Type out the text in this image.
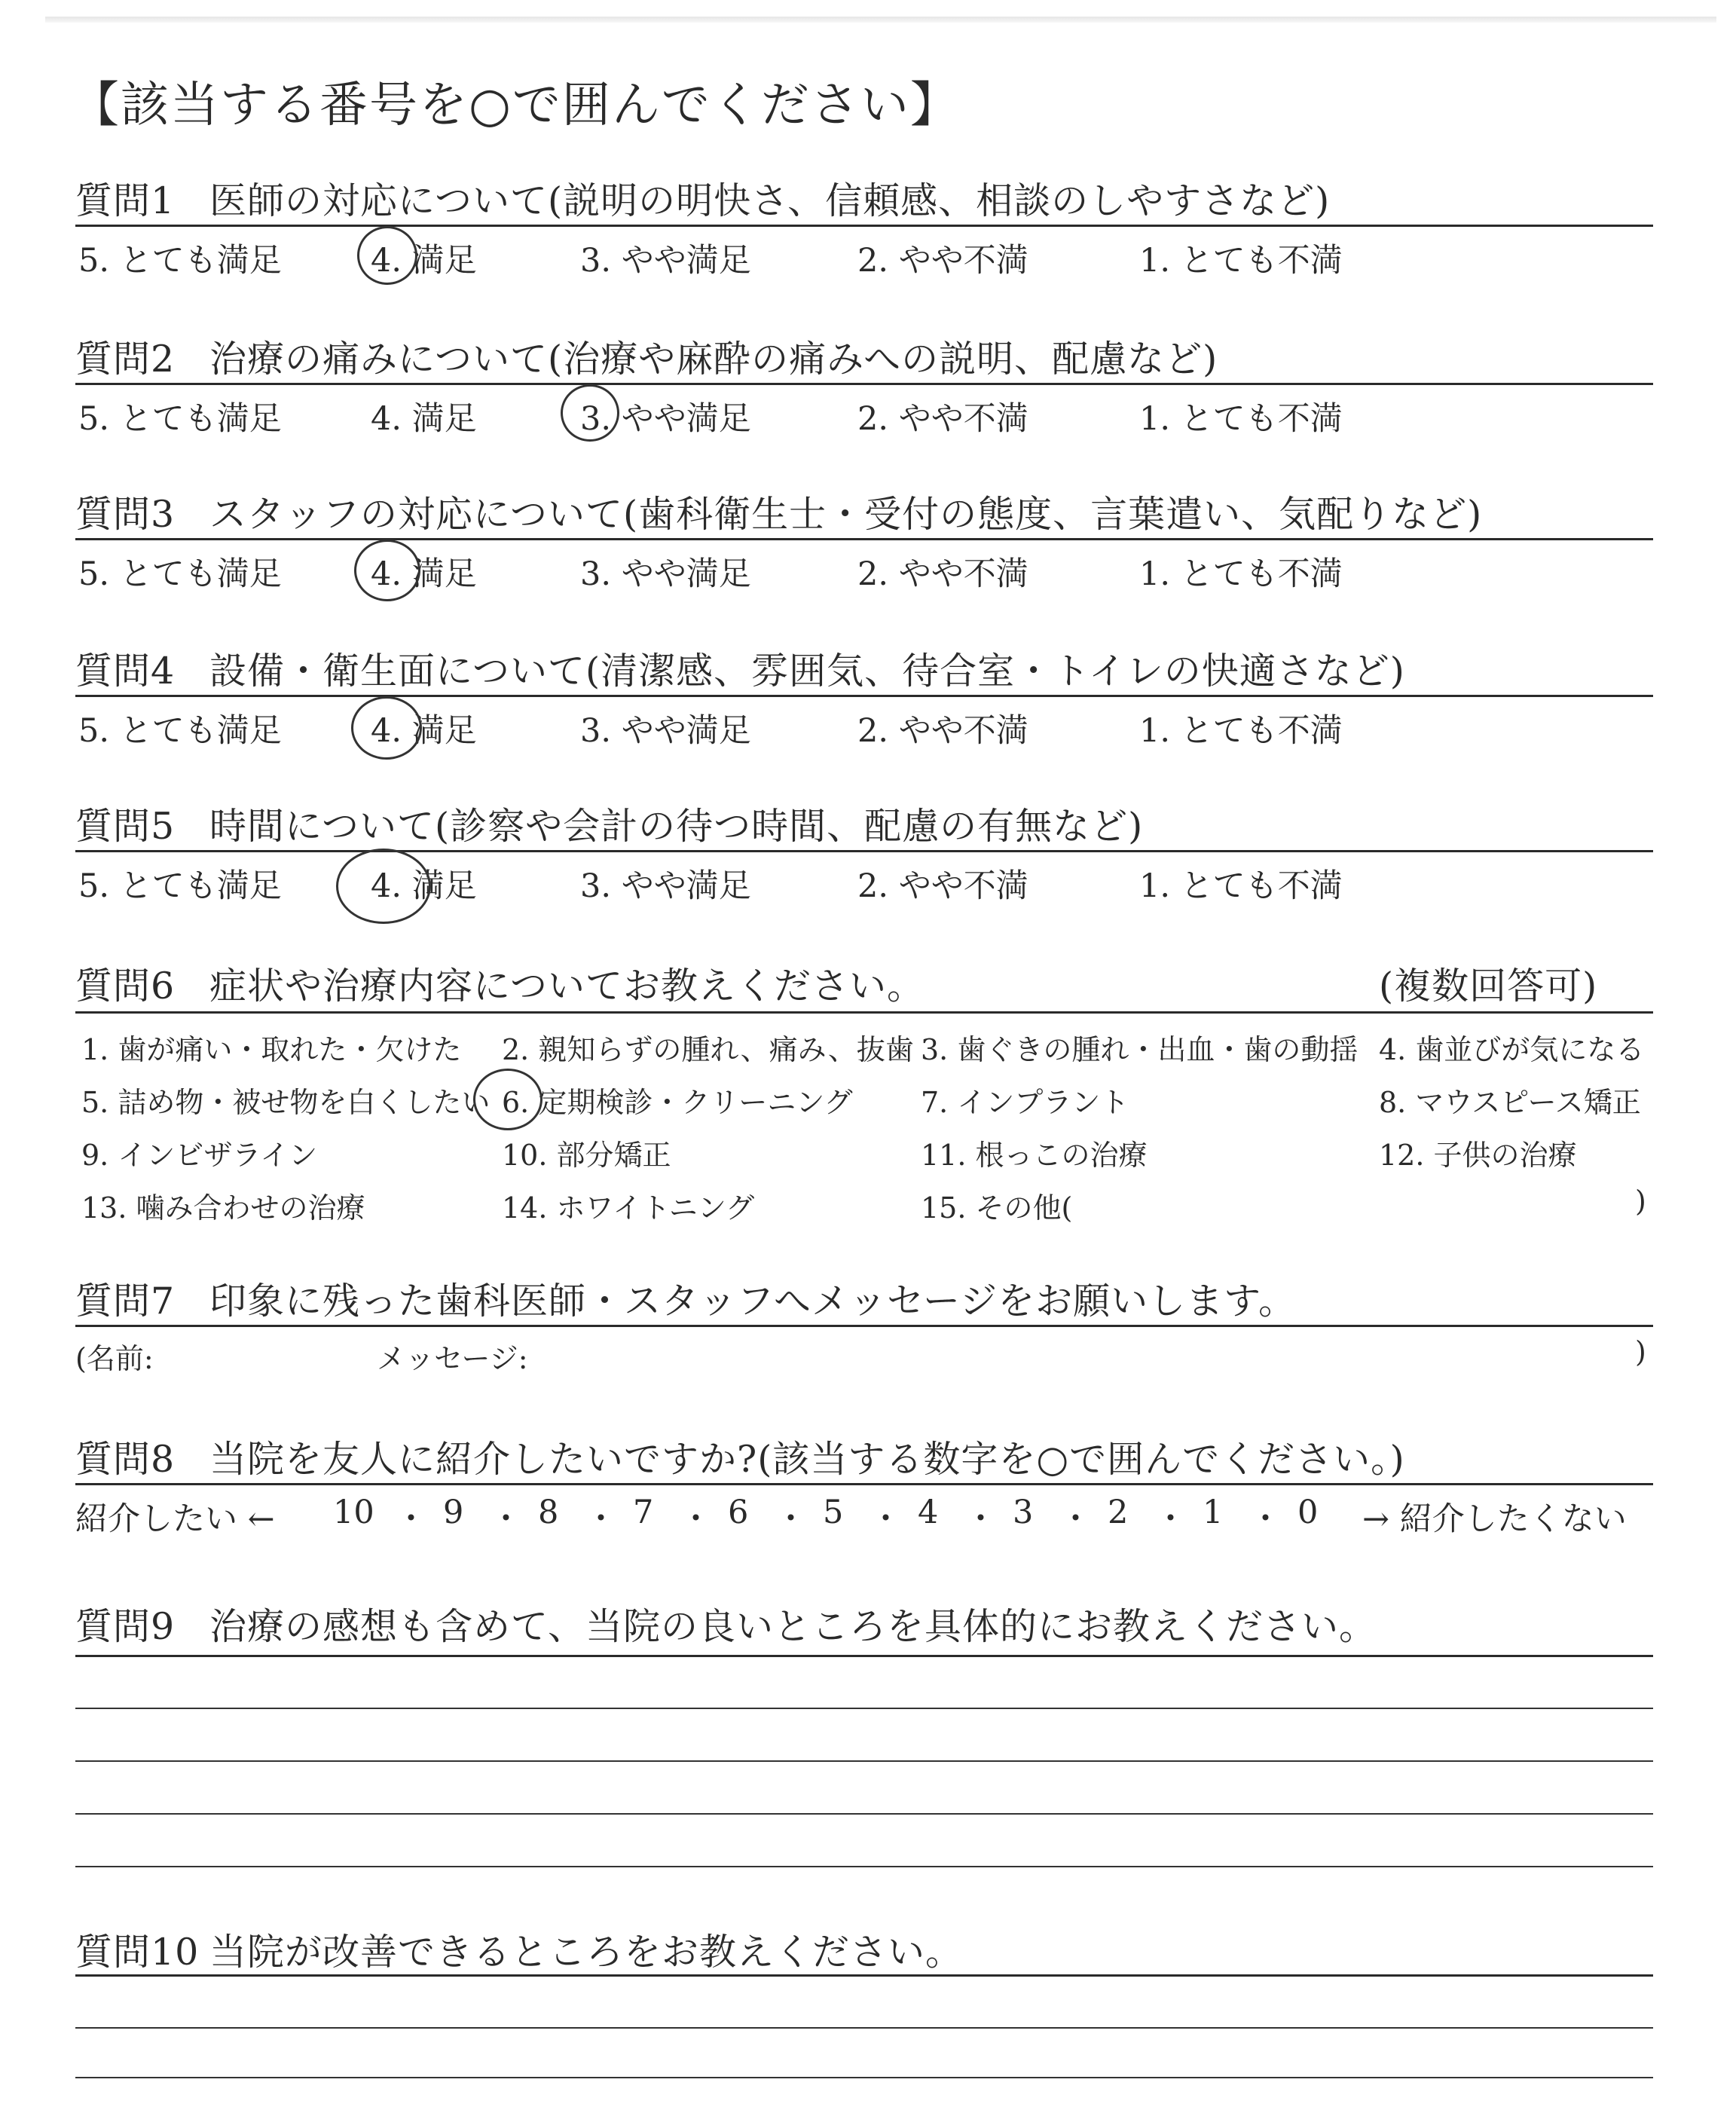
【該当する番号を○で囲んでください】
質問1 医師の対応について(説明の明快さ、信頼感、相談のしやすさなど)
5. とても満足	4. 満足	3. やや満足	2. やや不満	1. とても不満
質問2 治療の痛みについて(治療や麻酔の痛みへの説明、配慮など)
5. とても満足	4. 満足	3. やや満足	2. やや不満	1. とても不満
質問3 スタッフの対応について(歯科衛生士・受付の態度、言葉遣い、気配りなど)
5. とても満足	4. 満足	3. やや満足	2. やや不満	1. とても不満
質問4 設備・衛生面について(清潔感、雰囲気、待合室・トイレの快適さなど)
5. とても満足	4. 満足	3. やや満足	2. やや不満	1. とても不満
質問5 時間について(診察や会計の待つ時間、配慮の有無など)
5. とても満足	4. 満足	3. やや満足	2. やや不満	1. とても不満
質問6 症状や治療内容についてお教えください。	(複数回答可)
1. 歯が痛い・取れた・欠けた 2. 親知らずの腫れ、痛み、抜歯 3. 歯ぐきの腫れ・出血・歯の動揺 4. 歯並びが気になる
5. 詰め物・被せ物を白くしたい 6. 定期検診・クリーニング 7. インプラント	8. マウスピース矯正
9. インビザライン	10. 部分矯正	11. 根っこの治療	12. 子供の治療
13. 噛み合わせの治療	14. ホワイトニング	15. その他(	)
質問7 印象に残った歯科医師・スタッフへメッセージをお願いします。
(名前:	メッセージ:	)
質問8 当院を友人に紹介したいですか?(該当する数字を○で囲んでください。)
紹介したい ← 10 ・ 9 ・ 8 ・ 7 ・ 6 ・ 5 ・ 4 ・ 3 ・ 2 ・ 1 ・ 0 → 紹介したくない
質問9 治療の感想も含めて、当院の良いところを具体的にお教えください。
質問10 当院が改善できるところをお教えください。
